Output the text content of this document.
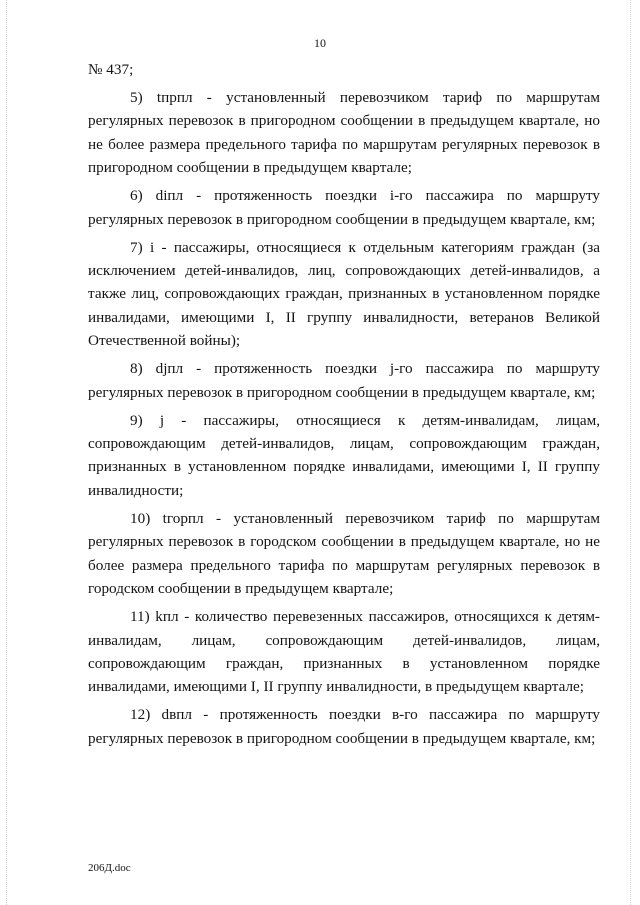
10

№ 437;

5) tпрпл - установленный перевозчиком тариф по маршрутам регулярных перевозок в пригородном сообщении в предыдущем квартале, но не более размера предельного тарифа по маршрутам регулярных перевозок в пригородном сообщении в предыдущем квартале;

6) diпл - протяженность поездки i-го пассажира по маршруту регулярных перевозок в пригородном сообщении в предыдущем квартале, км;

7) i - пассажиры, относящиеся к отдельным категориям граждан (за исключением детей-инвалидов, лиц, сопровождающих детей-инвалидов, а также лиц, сопровождающих граждан, признанных в установленном порядке инвалидами, имеющими I, II группу инвалидности, ветеранов Великой Отечественной войны);

8) djпл - протяженность поездки j-го пассажира по маршруту регулярных перевозок в пригородном сообщении в предыдущем квартале, км;

9) j - пассажиры, относящиеся к детям-инвалидам, лицам, сопровождающим детей-инвалидов, лицам, сопровождающим граждан, признанных в установленном порядке инвалидами, имеющими I, II группу инвалидности;

10) tгорпл - установленный перевозчиком тариф по маршрутам регулярных перевозок в городском сообщении в предыдущем квартале, но не более размера предельного тарифа по маршрутам регулярных перевозок в городском сообщении в предыдущем квартале;

11) kпл - количество перевезенных пассажиров, относящихся к детям-инвалидам, лицам, сопровождающим детей-инвалидов, лицам, сопровождающим граждан, признанных в установленном порядке инвалидами, имеющими I, II группу инвалидности, в предыдущем квартале;

12) dвпл - протяженность поездки в-го пассажира по маршруту регулярных перевозок в пригородном сообщении в предыдущем квартале, км;

206Д.doc
